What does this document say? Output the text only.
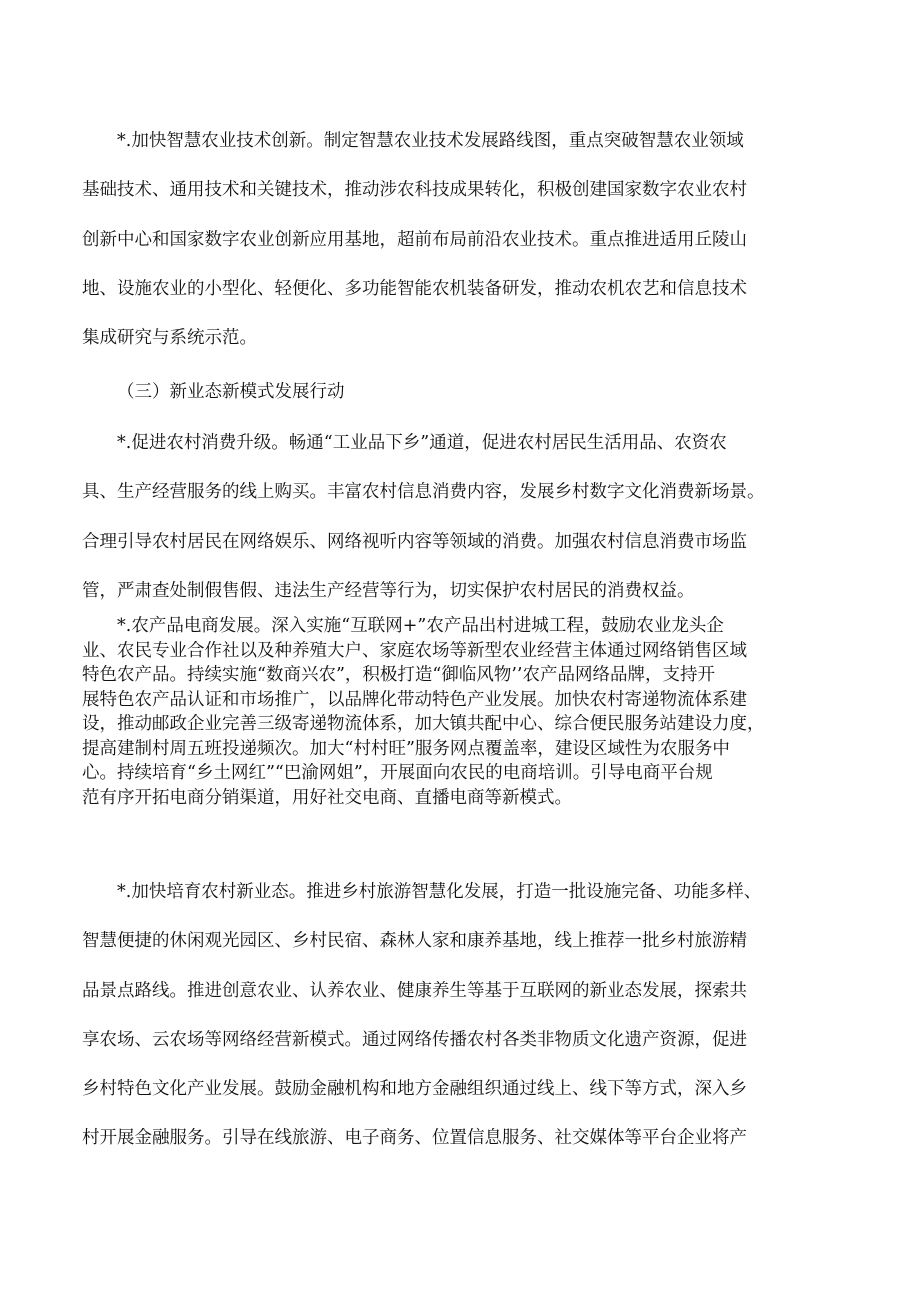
*.加快智慧农业技术创新。制定智慧农业技术发展路线图，重点突破智慧农业领域
基础技术、通用技术和关键技术，推动涉农科技成果转化，积极创建国家数字农业农村
创新中心和国家数字农业创新应用基地，超前布局前沿农业技术。重点推进适用丘陵山
地、设施农业的小型化、轻便化、多功能智能农机装备研发，推动农机农艺和信息技术
集成研究与系统示范。
（三）新业态新模式发展行动
*.促进农村消费升级。畅通“工业品下乡”通道，促进农村居民生活用品、农资农
具、生产经营服务的线上购买。丰富农村信息消费内容，发展乡村数字文化消费新场景。
合理引导农村居民在网络娱乐、网络视听内容等领域的消费。加强农村信息消费市场监
管，严肃查处制假售假、违法生产经营等行为，切实保护农村居民的消费权益。
*.农产品电商发展。深入实施“互联网+”农产品出村进城工程，鼓励农业龙头企
业、农民专业合作社以及种养殖大户、家庭农场等新型农业经营主体通过网络销售区域
特色农产品。持续实施“数商兴农”，积极打造“御临风物’’农产品网络品牌，支持开
展特色农产品认证和市场推广，以品牌化带动特色产业发展。加快农村寄递物流体系建
设，推动邮政企业完善三级寄递物流体系，加大镇共配中心、综合便民服务站建设力度，
提高建制村周五班投递频次。加大“村村旺”服务网点覆盖率，建设区域性为农服务中
心。持续培育“乡土网红”“巴渝网姐”，开展面向农民的电商培训。引导电商平台规
范有序开拓电商分销渠道，用好社交电商、直播电商等新模式。
*.加快培育农村新业态。推进乡村旅游智慧化发展，打造一批设施完备、功能多样、
智慧便捷的休闲观光园区、乡村民宿、森林人家和康养基地，线上推荐一批乡村旅游精
品景点路线。推进创意农业、认养农业、健康养生等基于互联网的新业态发展，探索共
享农场、云农场等网络经营新模式。通过网络传播农村各类非物质文化遗产资源，促进
乡村特色文化产业发展。鼓励金融机构和地方金融组织通过线上、线下等方式，深入乡
村开展金融服务。引导在线旅游、电子商务、位置信息服务、社交媒体等平台企业将产
